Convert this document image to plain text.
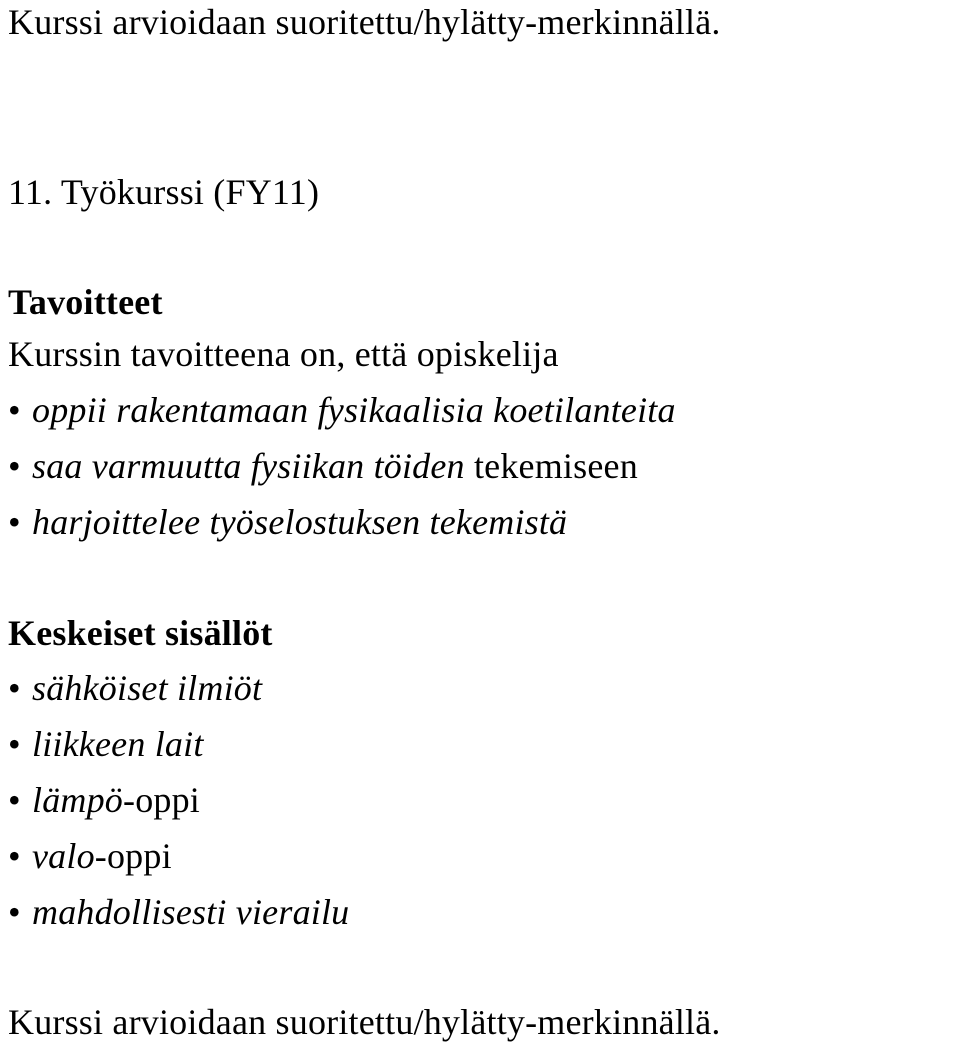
Kurssi arvioidaan suoritettu/hylätty-merkinnällä.
11. Työkurssi (FY11)
Tavoitteet
Kurssin tavoitteena on, että opiskelija
• oppii rakentamaan fysikaalisia koetilanteita
• saa varmuutta fysiikan töiden tekemiseen
• harjoittelee työselostuksen tekemistä
Keskeiset sisällöt
• sähköiset ilmiöt
• liikkeen lait
• lämpö-oppi
• valo-oppi
• mahdollisesti vierailu
Kurssi arvioidaan suoritettu/hylätty-merkinnällä.
